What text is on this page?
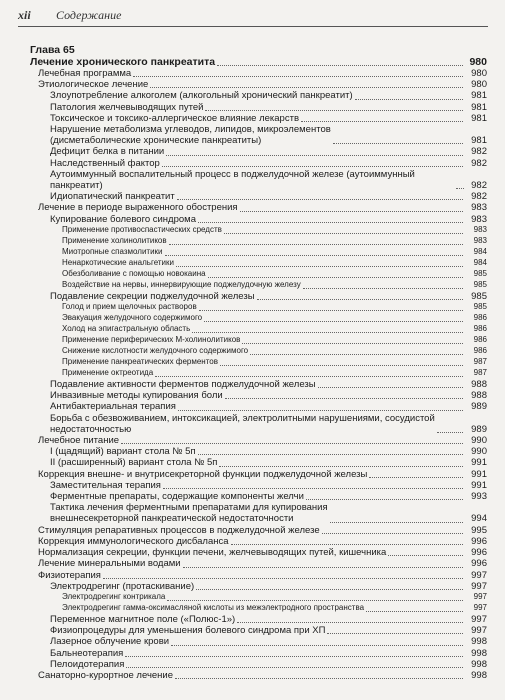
xii Содержание
Глава 65
Лечение хронического панкреатита	980
Лечебная программа	980
Этиологическое лечение	980
Злоупотребление алкоголем (алкогольный хронический панкреатит)	981
Патология желчевыводящих путей	981
Токсическое и токсико-аллергическое влияние лекарств	981
Нарушение метаболизма углеводов, липидов, микроэлементов
(дисметаболические хронические панкреатиты)	981
Дефицит белка в питании	982
Наследственный фактор	982
Аутоиммунный воспалительный процесс в поджелудочной железе (аутоиммунный панкреатит)	982
Идиопатический панкреатит	982
Лечение в периоде выраженного обострения	983
Купирование болевого синдрома	983
Применение противоспастических средств	983
Применение холинолитиков	983
Миотропные спазмолитики	984
Ненаркотические анальгетики	984
Обезболивание с помощью новокаина	985
Воздействие на нервы, иннервирующие поджелудочную железу	985
Подавление секреции поджелудочной железы	985
Голод и прием щелочных растворов	985
Эвакуация желудочного содержимого	986
Холод на эпигастральную область	986
Применение периферических М-холинолитиков	986
Снижение кислотности желудочного содержимого	986
Применение панкреатических ферментов	987
Применение октреотида	987
Подавление активности ферментов поджелудочной железы	988
Инвазивные методы купирования боли	988
Антибактериальная терапия	989
Борьба с обезвоживанием, интоксикацией, электролитными нарушениями, сосудистой
недостаточностью	989
Лечебное питание	990
I (щадящий) вариант стола № 5п	990
II (расширенный) вариант стола № 5п	991
Коррекция внешне- и внутрисекреторной функции поджелудочной железы	991
Заместительная терапия	991
Ферментные препараты, содержащие компоненты желчи	993
Тактика лечения ферментными препаратами для купирования
внешнесекреторной панкреатической недостаточности	994
Стимуляция репаративных процессов в поджелудочной железе	995
Коррекция иммунологического дисбаланса	996
Нормализация секреции, функции печени, желчевыводящих путей, кишечника	996
Лечение минеральными водами	996
Физиотерапия	997
Электродрегинг (протаскивание)	997
Электродрегинг контрикала	997
Электродрегинг гамма-оксимасляной кислоты из межэлектродного пространства	997
Переменное магнитное поле («Полюс-1»)	997
Физиопроцедуры для уменьшения болевого синдрома при ХП	997
Лазерное облучение крови	998
Бальнеотерапия	998
Пелоидотерапия	998
Санаторно-курортное лечение	998
